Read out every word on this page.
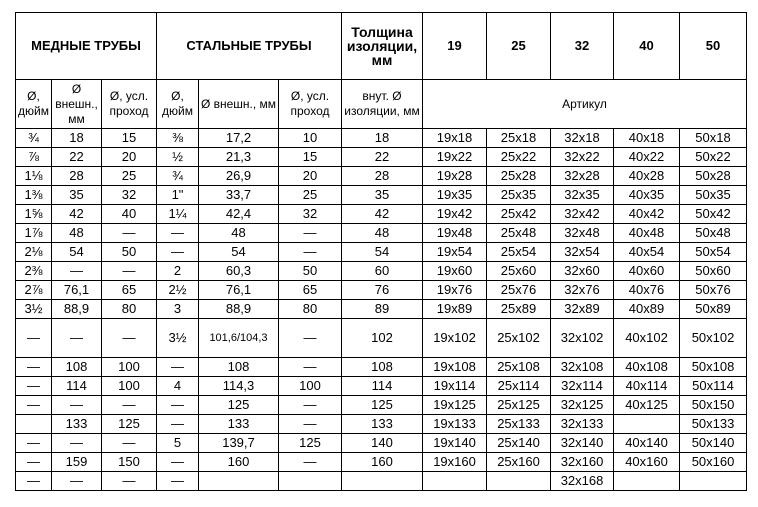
МЕДНЫЕ ТРУБЫ			СТАЛЬНЫЕ ТРУБЫ			Толщина изоляции, мм	19	25	32	40	50
Ø, дюйм	Ø внешн., мм	Ø, усл. проход	Ø, дюйм	Ø внешн., мм	Ø, усл. проход	внут. Ø изоляции, мм	Артикул				
¾	18	15	⅜	17,2	10	18	19x18	25x18	32x18	40x18	50x18
⅞	22	20	½	21,3	15	22	19x22	25x22	32x22	40x22	50x22
1⅛	28	25	¾	26,9	20	28	19x28	25x28	32x28	40x28	50x28
1⅜	35	32	1"	33,7	25	35	19x35	25x35	32x35	40x35	50x35
1⅝	42	40	1¼	42,4	32	42	19x42	25x42	32x42	40x42	50x42
1⅞	48	—	—	48	—	48	19x48	25x48	32x48	40x48	50x48
2⅛	54	50	—	54	—	54	19x54	25x54	32x54	40x54	50x54
2⅜	—	—	2	60,3	50	60	19x60	25x60	32x60	40x60	50x60
2⅞	76,1	65	2½	76,1	65	76	19x76	25x76	32x76	40x76	50x76
3½	88,9	80	3	88,9	80	89	19x89	25x89	32x89	40x89	50x89
—	—	—	3½	101,6/104,3	—	102	19x102	25x102	32x102	40x102	50x102
—	108	100	—	108	—	108	19x108	25x108	32x108	40x108	50x108
—	114	100	4	114,3	100	114	19x114	25x114	32x114	40x114	50x114
—	—	—	—	125	—	125	19x125	25x125	32x125	40x125	50x150
	133	125	—	133	—	133	19x133	25x133	32x133		50x133
—	—	—	5	139,7	125	140	19x140	25x140	32x140	40x140	50x140
—	159	150	—	160	—	160	19x160	25x160	32x160	40x160	50x160
—	—	—	—						32x168		
